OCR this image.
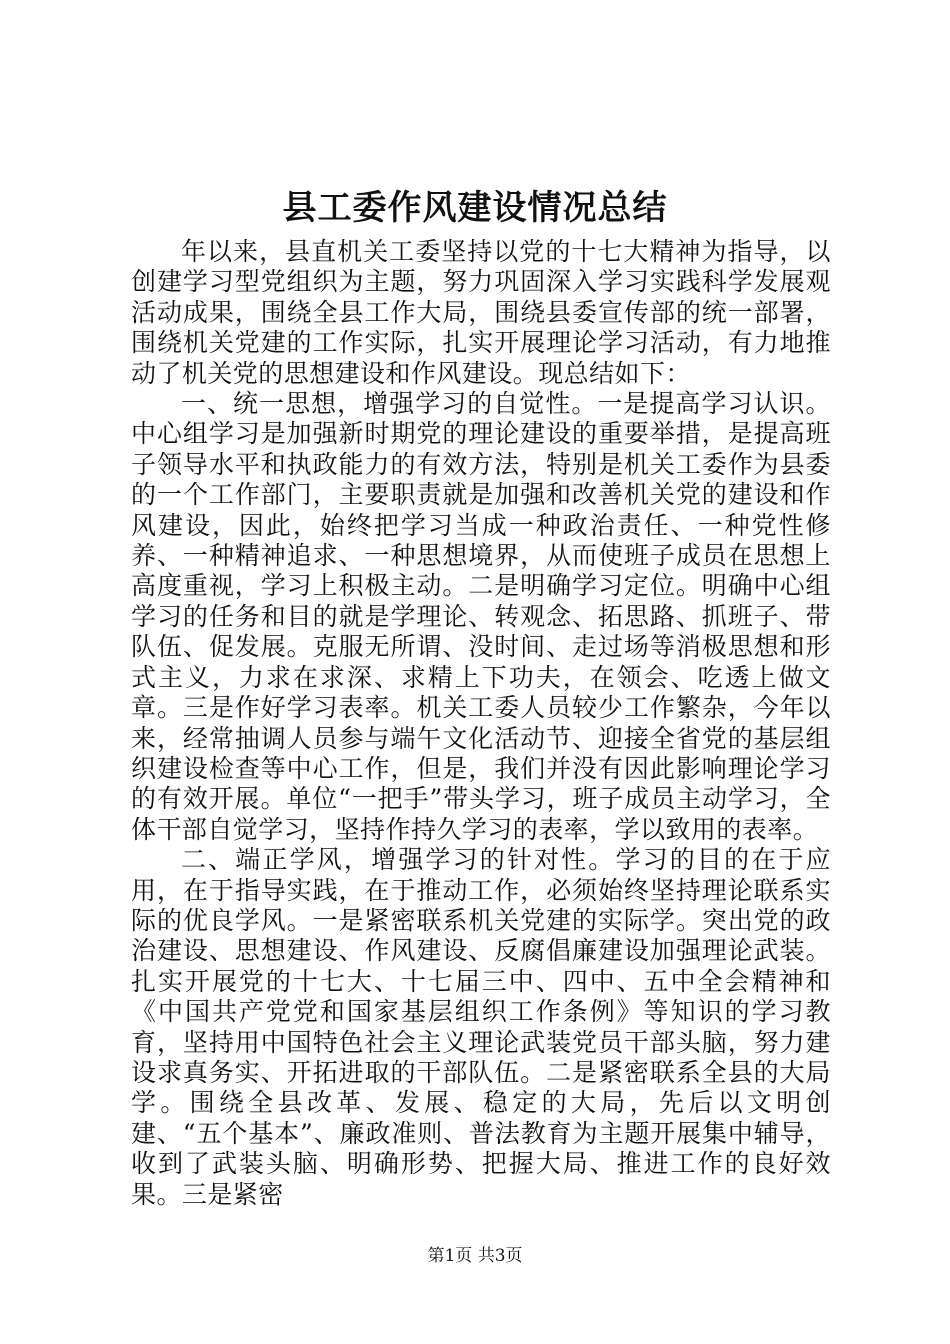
县工委作风建设情况总结

年以来，县直机关工委坚持以党的十七大精神为指导，以创建学习型党组织为主题，努力巩固深入学习实践科学发展观活动成果，围绕全县工作大局，围绕县委宣传部的统一部署，围绕机关党建的工作实际，扎实开展理论学习活动，有力地推动了机关党的思想建设和作风建设。现总结如下：

一、统一思想，增强学习的自觉性。一是提高学习认识。中心组学习是加强新时期党的理论建设的重要举措，是提高班子领导水平和执政能力的有效方法，特别是机关工委作为县委的一个工作部门，主要职责就是加强和改善机关党的建设和作风建设，因此，始终把学习当成一种政治责任、一种党性修养、一种精神追求、一种思想境界，从而使班子成员在思想上高度重视，学习上积极主动。二是明确学习定位。明确中心组学习的任务和目的就是学理论、转观念、拓思路、抓班子、带队伍、促发展。克服无所谓、没时间、走过场等消极思想和形式主义，力求在求深、求精上下功夫，在领会、吃透上做文章。三是作好学习表率。机关工委人员较少工作繁杂，今年以来，经常抽调人员参与端午文化活动节、迎接全省党的基层组织建设检查等中心工作，但是，我们并没有因此影响理论学习的有效开展。单位“一把手”带头学习，班子成员主动学习，全体干部自觉学习，坚持作持久学习的表率，学以致用的表率。

二、端正学风，增强学习的针对性。学习的目的在于应用，在于指导实践，在于推动工作，必须始终坚持理论联系实际的优良学风。一是紧密联系机关党建的实际学。突出党的政治建设、思想建设、作风建设、反腐倡廉建设加强理论武装。扎实开展党的十七大、十七届三中、四中、五中全会精神和《中国共产党党和国家基层组织工作条例》等知识的学习教育，坚持用中国特色社会主义理论武装党员干部头脑，努力建设求真务实、开拓进取的干部队伍。二是紧密联系全县的大局学。围绕全县改革、发展、稳定的大局，先后以文明创建、“五个基本”、廉政准则、普法教育为主题开展集中辅导，收到了武装头脑、明确形势、把握大局、推进工作的良好效果。三是紧密

第1页 共3页
